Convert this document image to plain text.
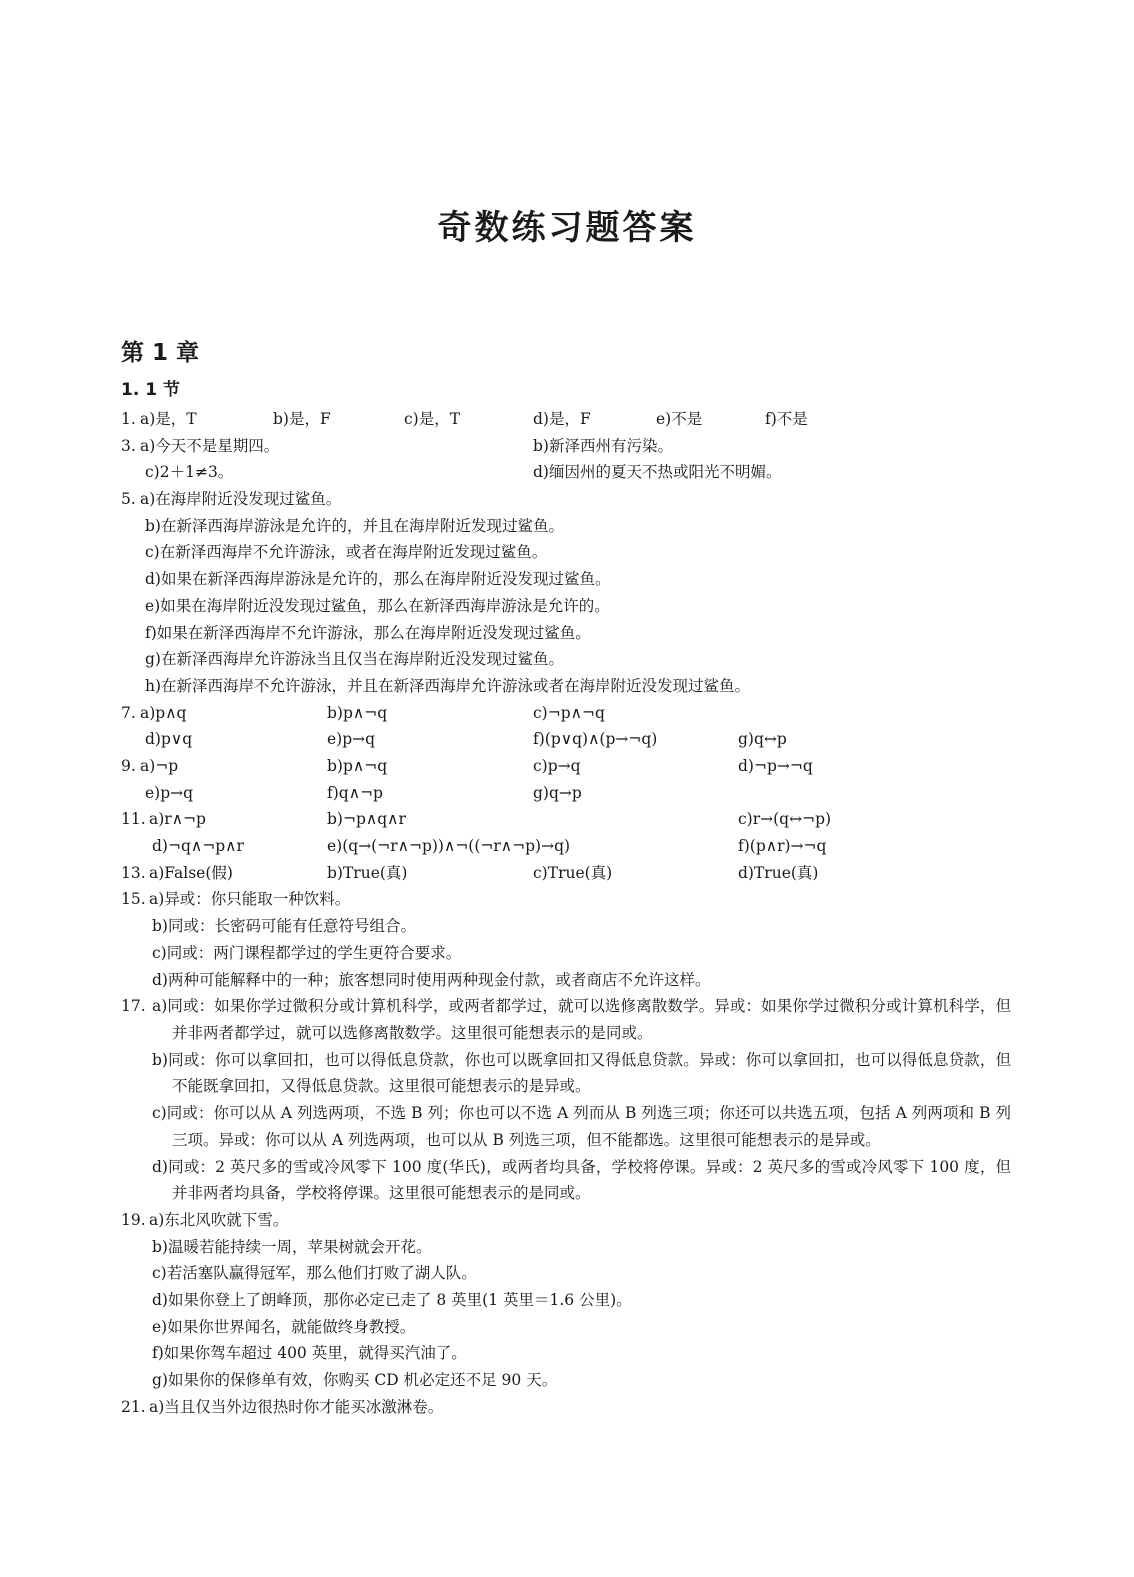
奇数练习题答案
第 1 章
1. 1 节
1. a)是，T	b)是，F	c)是，T	d)是，F	e)不是	f)不是
3. a)今天不是星期四。	b)新泽西州有污染。
c)2＋1≠3。	d)缅因州的夏天不热或阳光不明媚。
5. a)在海岸附近没发现过鲨鱼。
b)在新泽西海岸游泳是允许的，并且在海岸附近发现过鲨鱼。
c)在新泽西海岸不允许游泳，或者在海岸附近发现过鲨鱼。
d)如果在新泽西海岸游泳是允许的，那么在海岸附近没发现过鲨鱼。
e)如果在海岸附近没发现过鲨鱼，那么在新泽西海岸游泳是允许的。
f)如果在新泽西海岸不允许游泳，那么在海岸附近没发现过鲨鱼。
g)在新泽西海岸允许游泳当且仅当在海岸附近没发现过鲨鱼。
h)在新泽西海岸不允许游泳，并且在新泽西海岸允许游泳或者在海岸附近没发现过鲨鱼。
7. a)p∧q	b)p∧¬q	c)¬p∧¬q
d)p∨q	e)p→q	f)(p∨q)∧(p→¬q)	g)q↔p
9. a)¬p	b)p∧¬q	c)p→q	d)¬p→¬q
e)p→q	f)q∧¬p	g)q→p
11. a)r∧¬p	b)¬p∧q∧r	c)r→(q↔¬p)
d)¬q∧¬p∧r	e)(q→(¬r∧¬p))∧¬((¬r∧¬p)→q)	f)(p∧r)→¬q
13. a)False(假)	b)True(真)	c)True(真)	d)True(真)
15. a)异或：你只能取一种饮料。
b)同或：长密码可能有任意符号组合。
c)同或：两门课程都学过的学生更符合要求。
d)两种可能解释中的一种；旅客想同时使用两种现金付款，或者商店不允许这样。
17. a)同或：如果你学过微积分或计算机科学，或两者都学过，就可以选修离散数学。异或：如果你学过微积分或计算机科学，但并非两者都学过，就可以选修离散数学。这里很可能想表示的是同或。
b)同或：你可以拿回扣，也可以得低息贷款，你也可以既拿回扣又得低息贷款。异或：你可以拿回扣，也可以得低息贷款，但不能既拿回扣，又得低息贷款。这里很可能想表示的是异或。
c)同或：你可以从 A 列选两项，不选 B 列；你也可以不选 A 列而从 B 列选三项；你还可以共选五项，包括 A 列两项和 B 列三项。异或：你可以从 A 列选两项，也可以从 B 列选三项，但不能都选。这里很可能想表示的是异或。
d)同或：2 英尺多的雪或冷风零下 100 度(华氏)，或两者均具备，学校将停课。异或：2 英尺多的雪或冷风零下 100 度，但并非两者均具备，学校将停课。这里很可能想表示的是同或。
19. a)东北风吹就下雪。
b)温暖若能持续一周，苹果树就会开花。
c)若活塞队赢得冠军，那么他们打败了湖人队。
d)如果你登上了朗峰顶，那你必定已走了 8 英里(1 英里＝1.6 公里)。
e)如果你世界闻名，就能做终身教授。
f)如果你驾车超过 400 英里，就得买汽油了。
g)如果你的保修单有效，你购买 CD 机必定还不足 90 天。
21. a)当且仅当外边很热时你才能买冰激淋卷。
